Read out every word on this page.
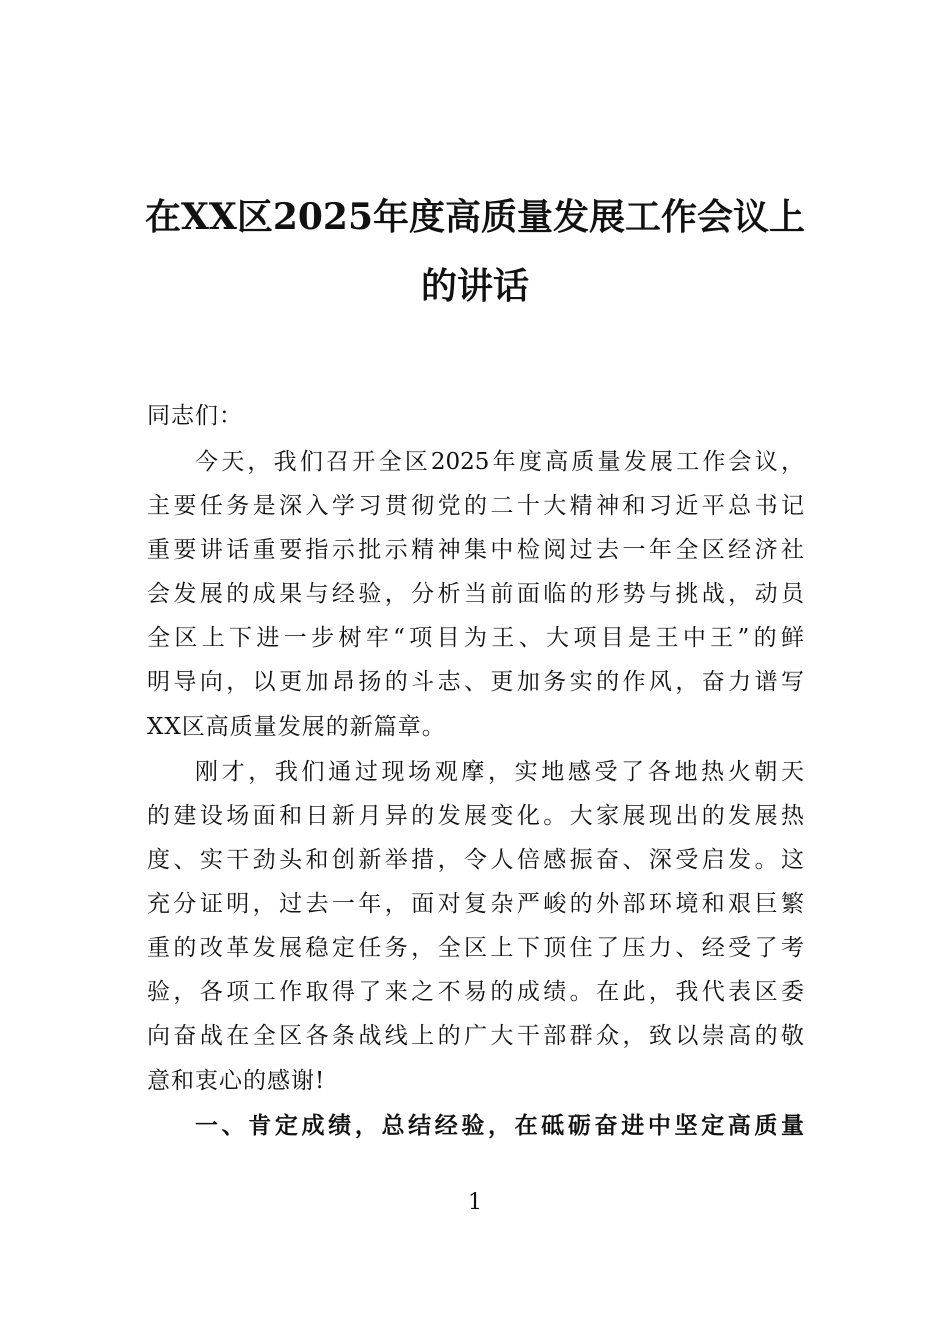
在XX区2025年度高质量发展工作会议上
的讲话
同志们：
今天，我们召开全区2025年度高质量发展工作会议，
主要任务是深入学习贯彻党的二十大精神和习近平总书记
重要讲话重要指示批示精神集中检阅过去一年全区经济社
会发展的成果与经验，分析当前面临的形势与挑战，动员
全区上下进一步树牢“项目为王、大项目是王中王”的鲜
明导向，以更加昂扬的斗志、更加务实的作风，奋力谱写
XX区高质量发展的新篇章。
刚才，我们通过现场观摩，实地感受了各地热火朝天
的建设场面和日新月异的发展变化。大家展现出的发展热
度、实干劲头和创新举措，令人倍感振奋、深受启发。这
充分证明，过去一年，面对复杂严峻的外部环境和艰巨繁
重的改革发展稳定任务，全区上下顶住了压力、经受了考
验，各项工作取得了来之不易的成绩。在此，我代表区委
向奋战在全区各条战线上的广大干部群众，致以崇高的敬
意和衷心的感谢!
一、肯定成绩，总结经验，在砥砺奋进中坚定高质量
1
